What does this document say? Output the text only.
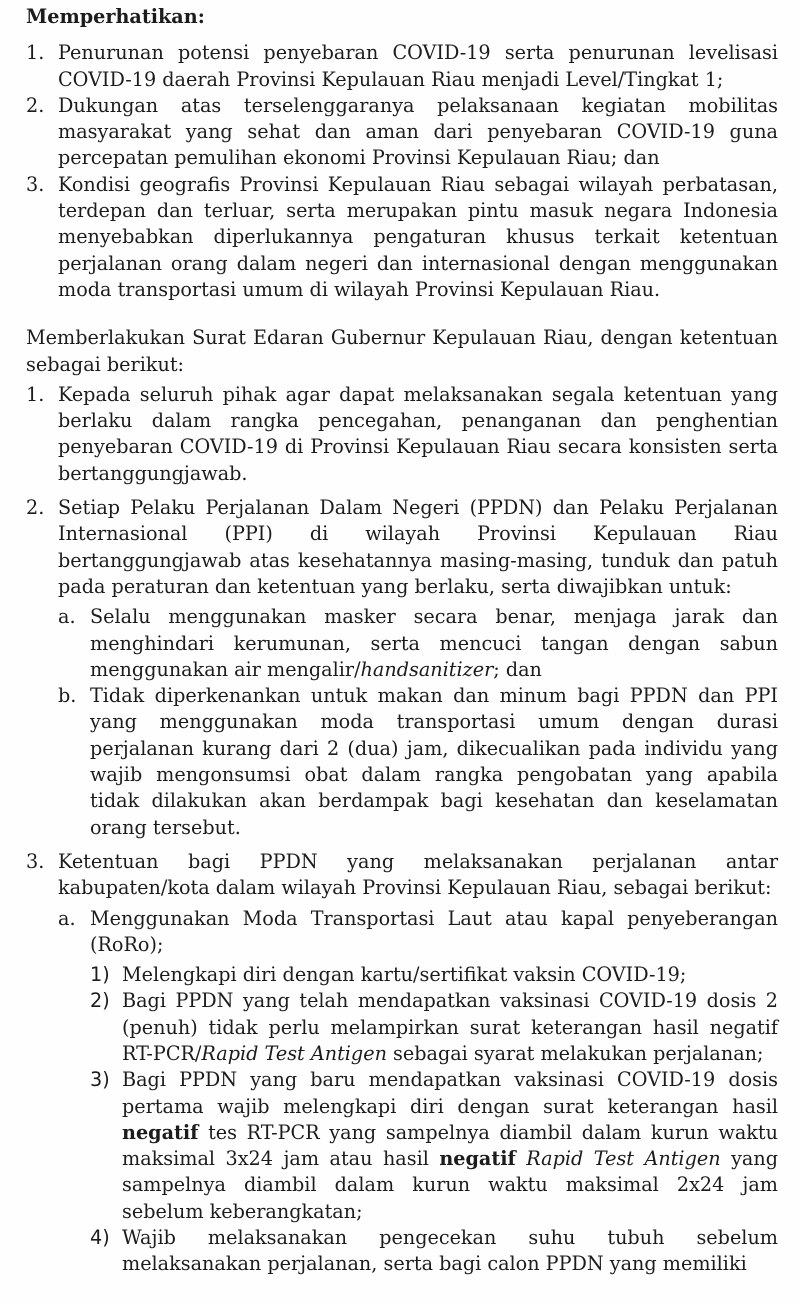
Memperhatikan:
1. Penurunan potensi penyebaran COVID-19 serta penurunan levelisasi COVID-19 daerah Provinsi Kepulauan Riau menjadi Level/Tingkat 1;
2. Dukungan atas terselenggaranya pelaksanaan kegiatan mobilitas masyarakat yang sehat dan aman dari penyebaran COVID-19 guna percepatan pemulihan ekonomi Provinsi Kepulauan Riau; dan
3. Kondisi geografis Provinsi Kepulauan Riau sebagai wilayah perbatasan, terdepan dan terluar, serta merupakan pintu masuk negara Indonesia menyebabkan diperlukannya pengaturan khusus terkait ketentuan perjalanan orang dalam negeri dan internasional dengan menggunakan moda transportasi umum di wilayah Provinsi Kepulauan Riau.

Memberlakukan Surat Edaran Gubernur Kepulauan Riau, dengan ketentuan sebagai berikut:

1. Kepada seluruh pihak agar dapat melaksanakan segala ketentuan yang berlaku dalam rangka pencegahan, penanganan dan penghentian penyebaran COVID-19 di Provinsi Kepulauan Riau secara konsisten serta bertanggungjawab.
2. Setiap Pelaku Perjalanan Dalam Negeri (PPDN) dan Pelaku Perjalanan Internasional (PPI) di wilayah Provinsi Kepulauan Riau bertanggungjawab atas kesehatannya masing-masing, tunduk dan patuh pada peraturan dan ketentuan yang berlaku, serta diwajibkan untuk:
a. Selalu menggunakan masker secara benar, menjaga jarak dan menghindari kerumunan, serta mencuci tangan dengan sabun menggunakan air mengalir/handsanitizer; dan
b. Tidak diperkenankan untuk makan dan minum bagi PPDN dan PPI yang menggunakan moda transportasi umum dengan durasi perjalanan kurang dari 2 (dua) jam, dikecualikan pada individu yang wajib mengonsumsi obat dalam rangka pengobatan yang apabila tidak dilakukan akan berdampak bagi kesehatan dan keselamatan orang tersebut.
3. Ketentuan bagi PPDN yang melaksanakan perjalanan antar kabupaten/kota dalam wilayah Provinsi Kepulauan Riau, sebagai berikut:
a. Menggunakan Moda Transportasi Laut atau kapal penyeberangan (RoRo);
1) Melengkapi diri dengan kartu/sertifikat vaksin COVID-19;
2) Bagi PPDN yang telah mendapatkan vaksinasi COVID-19 dosis 2 (penuh) tidak perlu melampirkan surat keterangan hasil negatif RT-PCR/Rapid Test Antigen sebagai syarat melakukan perjalanan;
3) Bagi PPDN yang baru mendapatkan vaksinasi COVID-19 dosis pertama wajib melengkapi diri dengan surat keterangan hasil negatif tes RT-PCR yang sampelnya diambil dalam kurun waktu maksimal 3x24 jam atau hasil negatif Rapid Test Antigen yang sampelnya diambil dalam kurun waktu maksimal 2x24 jam sebelum keberangkatan;
4) Wajib melaksanakan pengecekan suhu tubuh sebelum melaksanakan perjalanan, serta bagi calon PPDN yang memiliki
